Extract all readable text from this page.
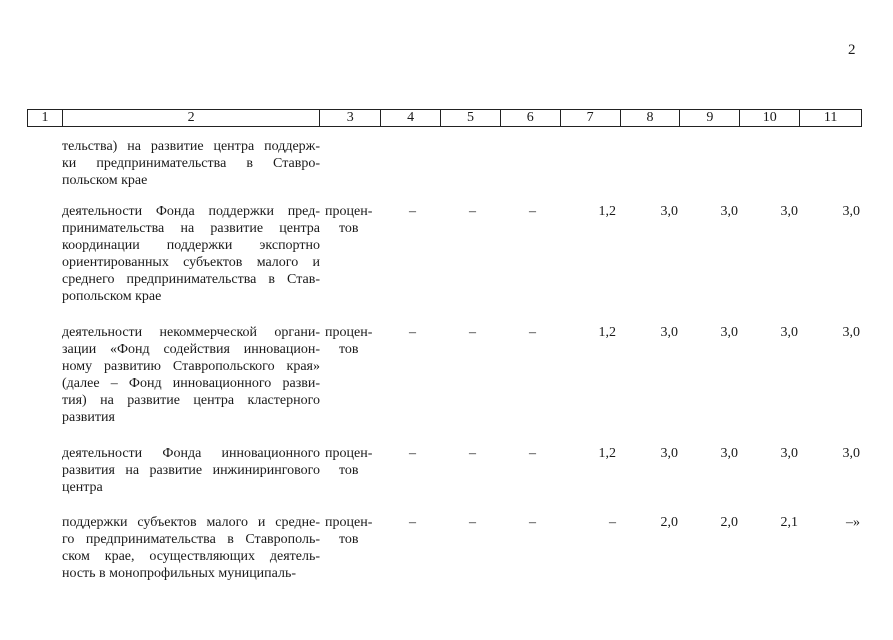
2
1	2	3	4	5	6	7	8	9	10	11
тельства) на развитие центра поддерж-
ки предпринимательства в Ставро-
польском крае
деятельности Фонда поддержки пред-
принимательства на развитие центра
координации поддержки экспортно
ориентированных субъектов малого и
среднего предпринимательства в Став-
ропольском крае
процен-
тов
–	–	–	1,2	3,0	3,0	3,0	3,0
деятельности некоммерческой органи-
зации «Фонд содействия инновацион-
ному развитию Ставропольского края»
(далее – Фонд инновационного разви-
тия) на развитие центра кластерного
развития
процен-
тов
–	–	–	1,2	3,0	3,0	3,0	3,0
деятельности Фонда инновационного
развития на развитие инжинирингового
центра
процен-
тов
–	–	–	1,2	3,0	3,0	3,0	3,0
поддержки субъектов малого и средне-
го предпринимательства в Ставрополь-
ском крае, осуществляющих деятель-
ность в монопрофильных муниципаль-
процен-
тов
–	–	–	–	2,0	2,0	2,1	–»
